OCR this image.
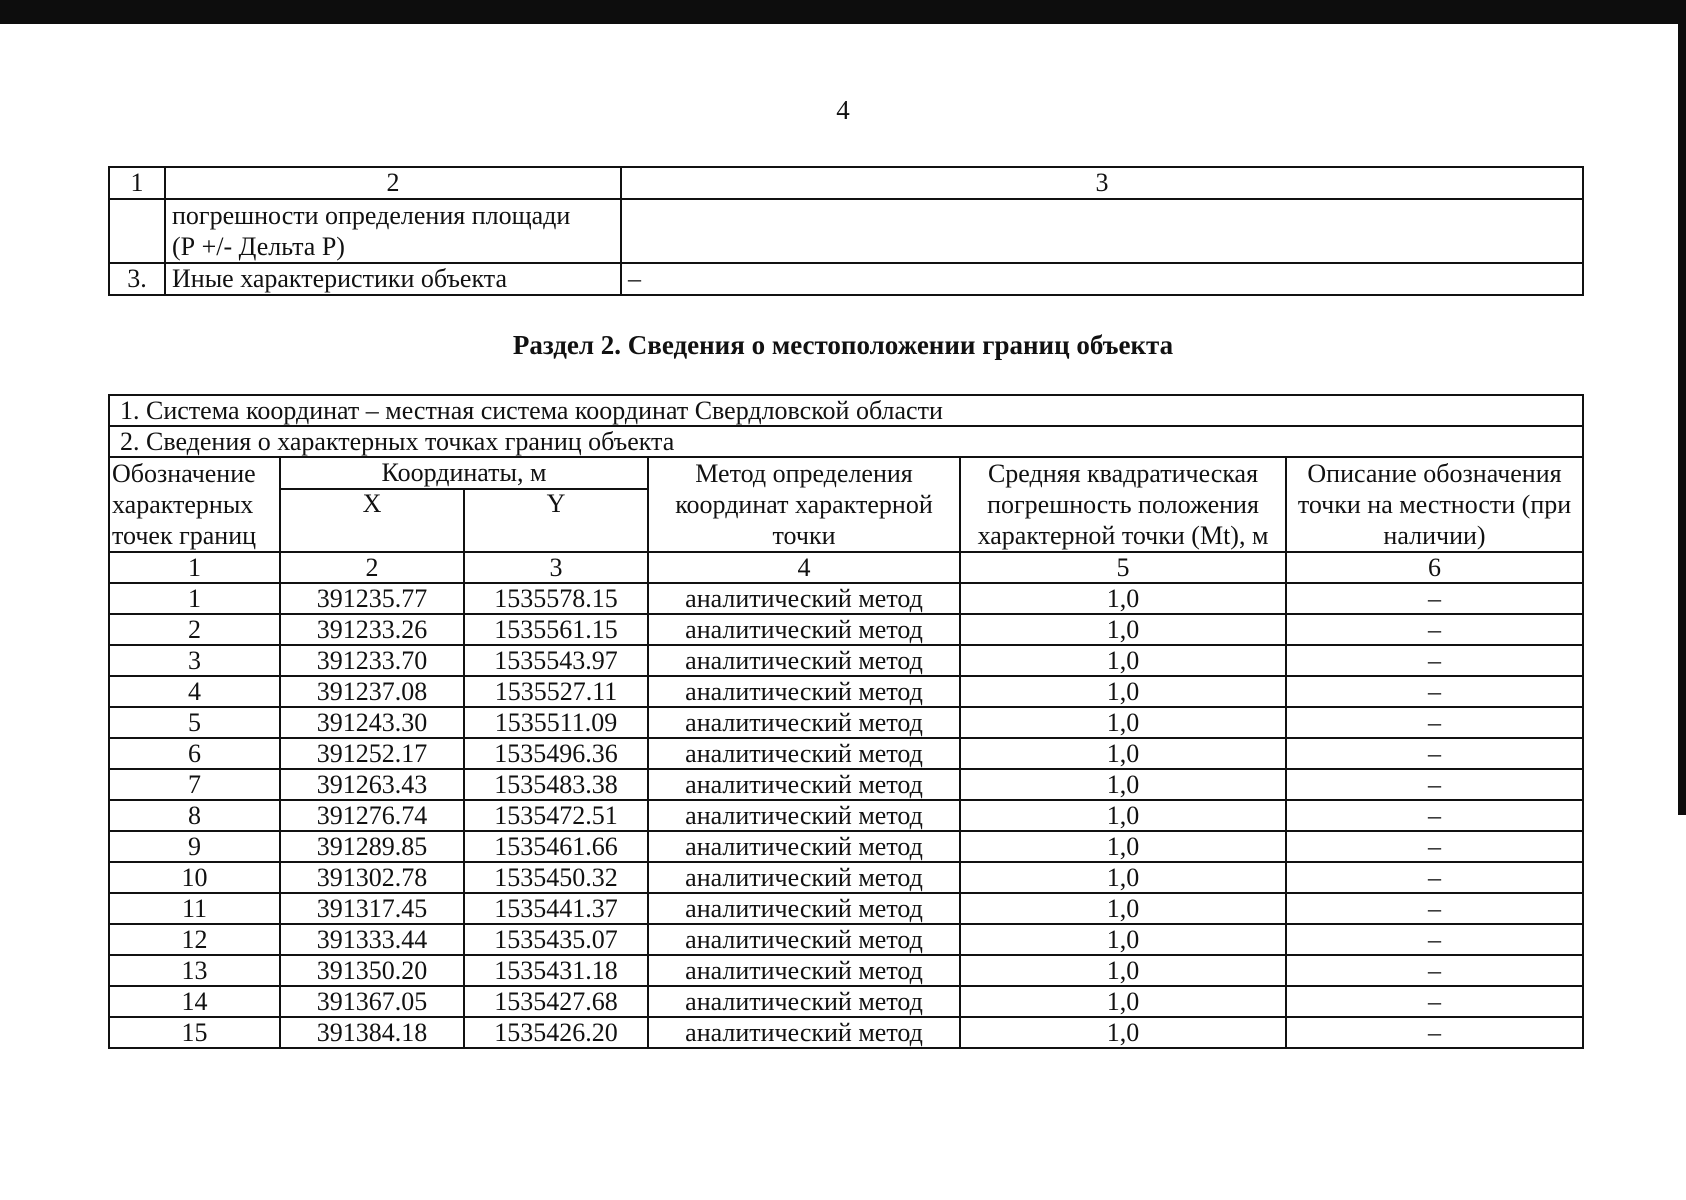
4
1	2	3

	погрешности определения площади
(Р +/- Дельта Р)	

3.	Иные характеристики объекта	–
Раздел 2. Сведения о местоположении границ объекта
1. Система координат – местная система координат Свердловской области					
2. Сведения о характерных точках границ объекта					
Обозначение характерных точек границ	Координаты, м		Метод определения координат характерной точки	Средняя квадратическая погрешность положения характерной точки (Мt), м	Описание обозначения точки на местности (при наличии)
	X	Y			
1	2	3	4	5	6
1	391235.77	1535578.15	аналитический метод	1,0	–
2	391233.26	1535561.15	аналитический метод	1,0	–
3	391233.70	1535543.97	аналитический метод	1,0	–
4	391237.08	1535527.11	аналитический метод	1,0	–
5	391243.30	1535511.09	аналитический метод	1,0	–
6	391252.17	1535496.36	аналитический метод	1,0	–
7	391263.43	1535483.38	аналитический метод	1,0	–
8	391276.74	1535472.51	аналитический метод	1,0	–
9	391289.85	1535461.66	аналитический метод	1,0	–
10	391302.78	1535450.32	аналитический метод	1,0	–
11	391317.45	1535441.37	аналитический метод	1,0	–
12	391333.44	1535435.07	аналитический метод	1,0	–
13	391350.20	1535431.18	аналитический метод	1,0	–
14	391367.05	1535427.68	аналитический метод	1,0	–
15	391384.18	1535426.20	аналитический метод	1,0	–
